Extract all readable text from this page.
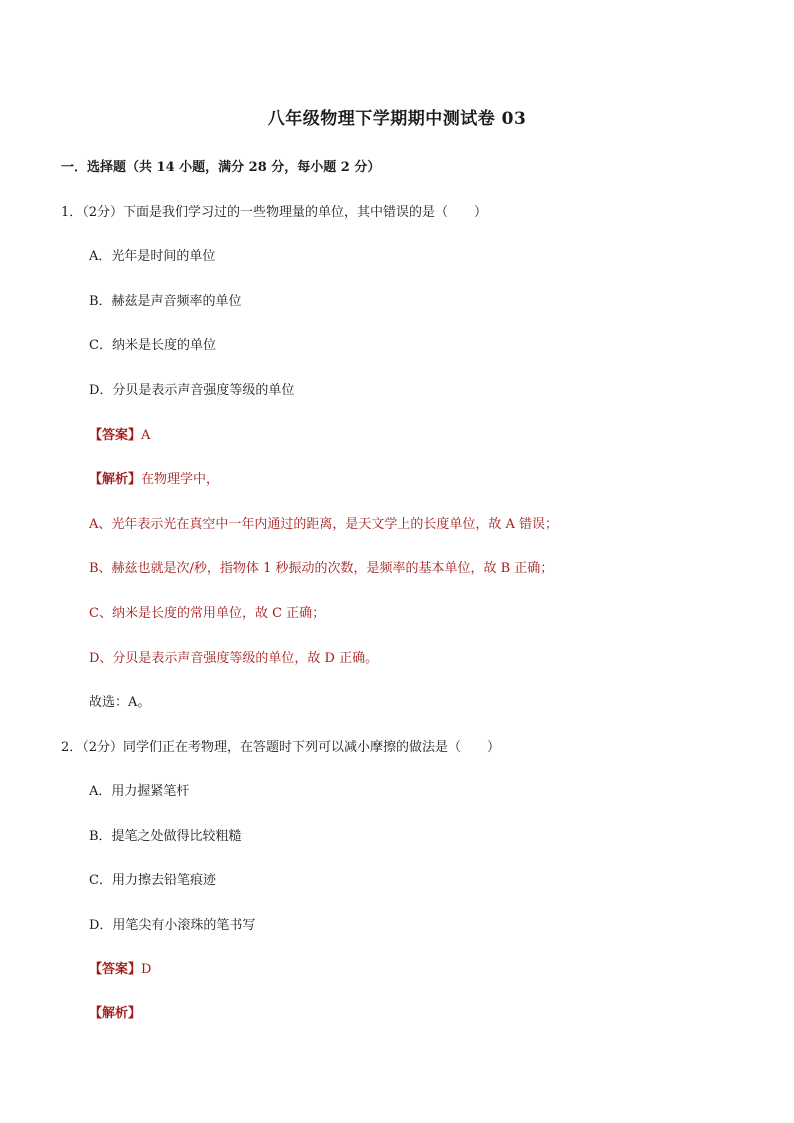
八年级物理下学期期中测试卷 03
一．选择题（共 14 小题，满分 28 分，每小题 2 分）
1．（2分）下面是我们学习过的一些物理量的单位，其中错误的是（　　）
A．光年是时间的单位
B．赫兹是声音频率的单位
C．纳米是长度的单位
D．分贝是表示声音强度等级的单位
【答案】A
【解析】在物理学中，
A、光年表示光在真空中一年内通过的距离，是天文学上的长度单位，故 A 错误；
B、赫兹也就是次/秒，指物体 1 秒振动的次数，是频率的基本单位，故 B 正确；
C、纳米是长度的常用单位，故 C 正确；
D、分贝是表示声音强度等级的单位，故 D 正确。
故选：A。
2．（2分）同学们正在考物理，在答题时下列可以减小摩擦的做法是（　　）
A．用力握紧笔杆
B．提笔之处做得比较粗糙
C．用力擦去铅笔痕迹
D．用笔尖有小滚珠的笔书写
【答案】D
【解析】
